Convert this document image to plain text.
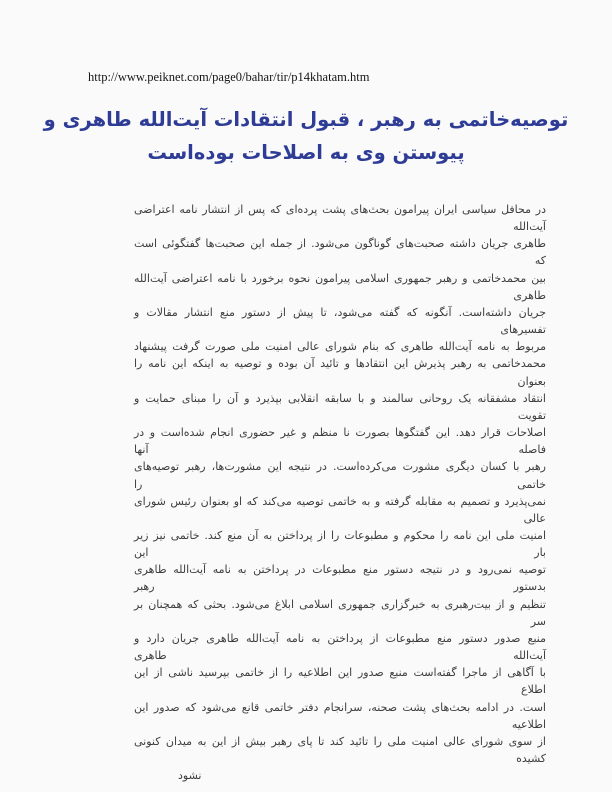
http://www.peiknet.com/page0/bahar/tir/p14khatam.htm
توصیه‌خاتمی به رهبر ، قبول انتقادات آیت‌الله طاهری و
پیوستن وی به اصلاحات بوده‌است
در محافل سیاسی ایران پیرامون بحث‌های پشت پرده‌ای که پس از انتشار نامه اعتراضی آیت‌الله
طاهری جریان داشته صحبت‌های گوناگون می‌شود. از جمله این صحبت‌ها گفتگوئی است که
بین محمدخاتمی و رهبر جمهوری اسلامی پیرامون نحوه برخورد با نامه اعتراضی آیت‌الله طاهری
جریان داشته‌است. آنگونه که گفته می‌شود، تا پیش از دستور منع انتشار مقالات و تفسیرهای
مربوط به نامه آیت‌الله طاهری که بنام شورای عالی امنیت ملی صورت گرفت پیشنهاد
محمدخاتمی به رهبر پذیرش این انتقادها و تائید آن بوده و توصیه به اینکه این نامه را بعنوان
انتقاد مشفقانه یک روحانی سالمند و با سابقه انقلابی بپذیرد و آن را مبنای حمایت و تقویت
اصلاحات قرار دهد. این گفتگوها بصورت نا منظم و غیر حضوری انجام شده‌است و در فاصله آنها
رهبر با کسان دیگری مشورت می‌کرده‌است. در نتیجه این مشورت‌ها، رهبر توصیه‌های خاتمی را
نمی‌پذیرد و تصمیم به مقابله گرفته و به خاتمی توصیه می‌کند که او بعنوان رئیس شورای عالی
امنیت ملی این نامه را محکوم و مطبوعات را از پرداختن به آن منع کند. خاتمی نیز زیر بار این
توصیه نمی‌رود و در نتیجه دستور منع مطبوعات در پرداختن به نامه آیت‌الله طاهری بدستور رهبر
تنظیم و از بیت‌رهبری به خبرگزاری جمهوری اسلامی ابلاغ می‌شود. بحثی که همچنان بر سر
منبع صدور دستور منع مطبوعات از پرداختن به نامه آیت‌الله طاهری جریان دارد و آیت‌الله طاهری
با آگاهی از ماجرا گفته‌است منبع صدور این اطلاعیه را از خاتمی بپرسید ناشی از این اطلاع
است. در ادامه بحث‌های پشت صحنه، سرانجام دفتر خاتمی قانع می‌شود که صدور این اطلاعیه
از سوی شورای عالی امنیت ملی را تائید کند تا پای رهبر بیش از این به میدان کنونی کشیده
نشود
